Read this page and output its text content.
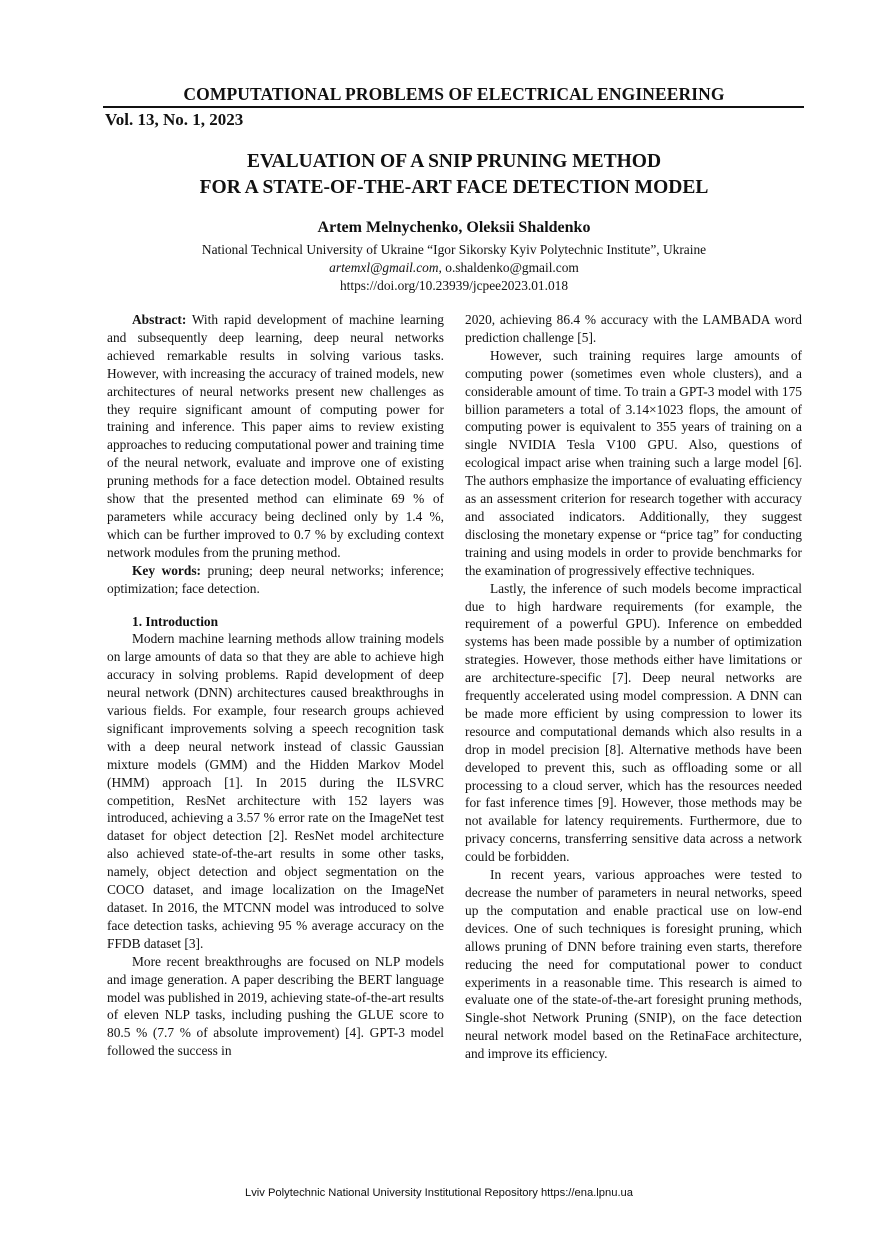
COMPUTATIONAL PROBLEMS OF ELECTRICAL ENGINEERING
Vol. 13, No. 1, 2023
EVALUATION OF A SNIP PRUNING METHOD
FOR A STATE-OF-THE-ART FACE DETECTION MODEL
Artem Melnychenko, Oleksii Shaldenko
National Technical University of Ukraine “Igor Sikorsky Kyiv Polytechnic Institute”, Ukraine
artemxl@gmail.com, o.shaldenko@gmail.com
https://doi.org/10.23939/jcpee2023.01.018

Abstract: With rapid development of machine learning and subsequently deep learning, deep neural networks achieved remarkable results in solving various tasks. However, with increasing the accuracy of trained models, new architectures of neural networks present new challenges as they require significant amount of computing power for training and inference. This paper aims to review existing approaches to reducing computational power and training time of the neural network, evaluate and improve one of existing pruning methods for a face detection model. Obtained results show that the presented method can eliminate 69 % of parameters while accuracy being declined only by 1.4 %, which can be further improved to 0.7 % by excluding context network modules from the pruning method.

Key words: pruning; deep neural networks; inference; optimization; face detection.

1. Introduction

Modern machine learning methods allow training models on large amounts of data so that they are able to achieve high accuracy in solving problems. Rapid development of deep neural network (DNN) architectures caused breakthroughs in various fields. For example, four research groups achieved significant improvements solving a speech recognition task with a deep neural network instead of classic Gaussian mixture models (GMM) and the Hidden Markov Model (HMM) approach [1]. In 2015 during the ILSVRC competition, ResNet architecture with 152 layers was introduced, achieving a 3.57 % error rate on the ImageNet test dataset for object detection [2]. ResNet model architecture also achieved state-of-the-art results in some other tasks, namely, object detection and object segmentation on the COCO dataset, and image localization on the ImageNet dataset. In 2016, the MTCNN model was introduced to solve face detection tasks, achieving 95 % average accuracy on the FFDB dataset [3].

More recent breakthroughs are focused on NLP models and image generation. A paper describing the BERT language model was published in 2019, achieving state-of-the-art results of eleven NLP tasks, including pushing the GLUE score to 80.5 % (7.7 % of absolute improvement) [4]. GPT-3 model followed the success in

2020, achieving 86.4 % accuracy with the LAMBADA word prediction challenge [5].

However, such training requires large amounts of computing power (sometimes even whole clusters), and a considerable amount of time. To train a GPT-3 model with 175 billion parameters a total of 3.14×1023 flops, the amount of computing power is equivalent to 355 years of training on a single NVIDIA Tesla V100 GPU. Also, questions of ecological impact arise when training such a large model [6]. The authors emphasize the importance of evaluating efficiency as an assessment criterion for research together with accuracy and associated indicators. Additionally, they suggest disclosing the monetary expense or “price tag” for conducting training and using models in order to provide benchmarks for the examination of progressively effective techniques.

Lastly, the inference of such models become impractical due to high hardware requirements (for example, the requirement of a powerful GPU). Inference on embedded systems has been made possible by a number of optimization strategies. However, those methods either have limitations or are architecture-specific [7]. Deep neural networks are frequently accelerated using model compression. A DNN can be made more efficient by using compression to lower its resource and computational demands which also results in a drop in model precision [8]. Alternative methods have been developed to prevent this, such as offloading some or all processing to a cloud server, which has the resources needed for fast inference times [9]. However, those methods may be not available for latency requirements. Furthermore, due to privacy concerns, transferring sensitive data across a network could be forbidden.

In recent years, various approaches were tested to decrease the number of parameters in neural networks, speed up the computation and enable practical use on low-end devices. One of such techniques is foresight pruning, which allows pruning of DNN before training even starts, therefore reducing the need for computational power to conduct experiments in a reasonable time. This research is aimed to evaluate one of the state-of-the-art foresight pruning methods, Single-shot Network Pruning (SNIP), on the face detection neural network model based on the RetinaFace architecture, and improve its efficiency.

Lviv Polytechnic National University Institutional Repository https://ena.lpnu.ua
